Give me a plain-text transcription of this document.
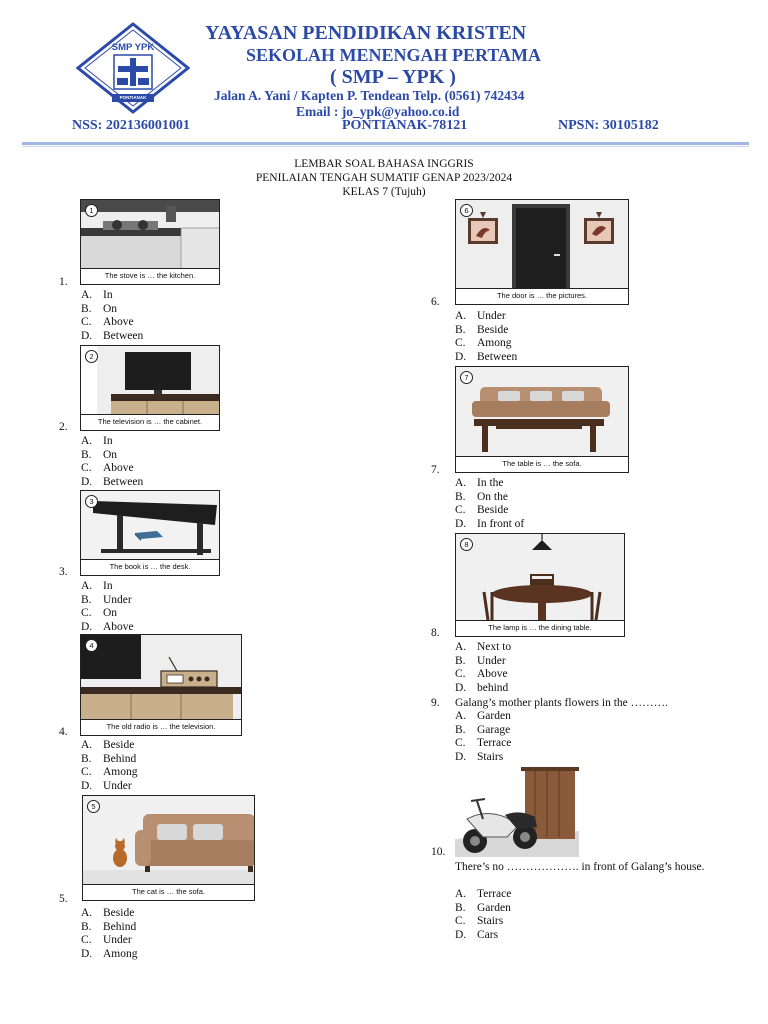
SMP YPK
PONTIANAK
YAYASAN PENDIDIKAN KRISTEN
SEKOLAH MENENGAH PERTAMA
( SMP – YPK )
Jalan A. Yani / Kapten P. Tendean Telp. (0561) 742434
Email : jo_ypk@yahoo.co.id
NSS: 202136001001	PONTIANAK-78121	NPSN: 30105182
LEMBAR SOAL BAHASA INGGRIS
PENILAIAN TENGAH SUMATIF GENAP 2023/2024
KELAS 7 (Tujuh)
1
The stove is … the kitchen.
1.
A. In
B. On
C. Above
D. Between
2
The television is … the cabinet.
2.
A. In
B. On
C. Above
D. Between
3
The book is … the desk.
3.
A. In
B. Under
C. On
D. Above
4
The old radio is … the television.
4.
A. Beside
B. Behind
C. Among
D. Under
5
The cat is … the sofa.
5.
A. Beside
B. Behind
C. Under
D. Among
6
The door is … the pictures.
6.
A. Under
B. Beside
C. Among
D. Between
7
The table is … the sofa.
7.
A. In the
B. On the
C. Beside
D. In front of
8
The lamp is … the dining table.
8.
A. Next to
B. Under
C. Above
D. behind
9. Galang’s mother plants flowers in the ……….
A. Garden
B. Garage
C. Terrace
D. Stairs
10.
There’s no ………………. in front of Galang’s house.
A. Terrace
B. Garden
C. Stairs
D. Cars
